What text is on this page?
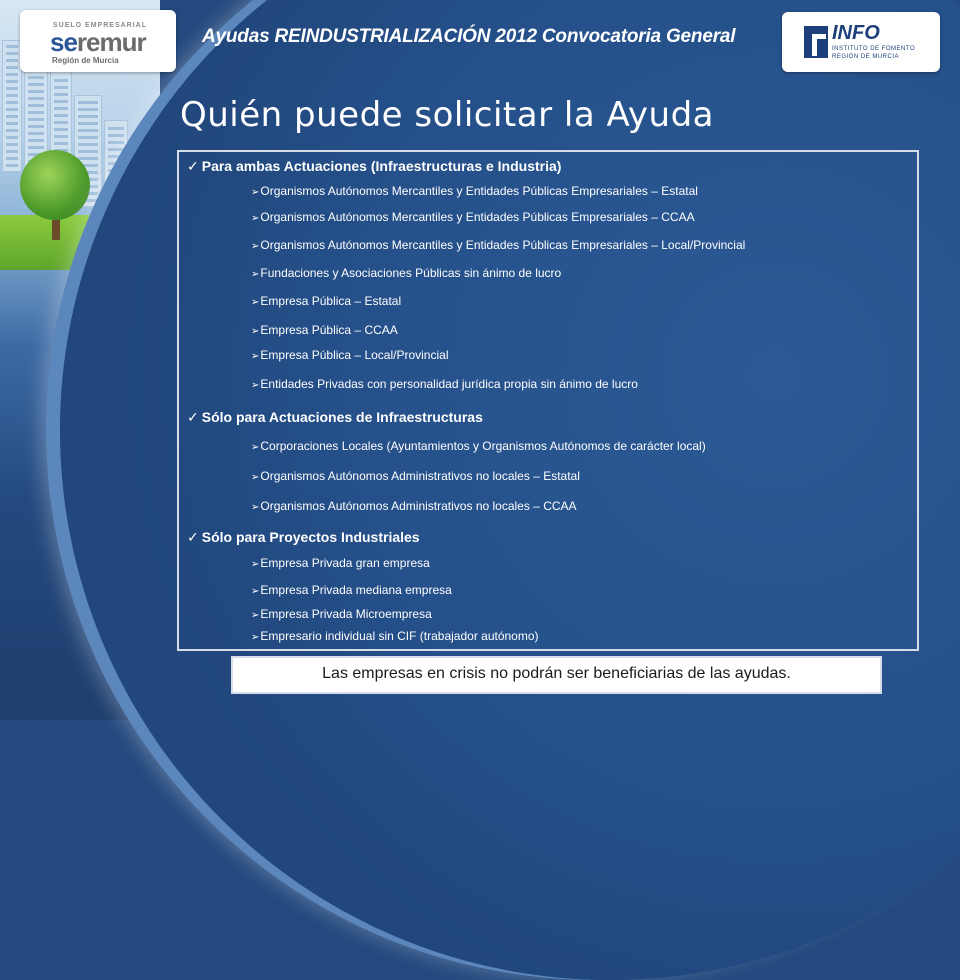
SUELO EMPRESARIAL
seremur
Región de Murcia
Ayudas REINDUSTRIALIZACIÓN 2012 Convocatoria General	INFO
INSTITUTO DE FOMENTO
REGIÓN DE MURCIA
Quién puede solicitar la Ayuda
✓ Para ambas Actuaciones (Infraestructuras e Industria)
➢Organismos Autónomos Mercantiles y Entidades Públicas Empresariales – Estatal
➢Organismos Autónomos Mercantiles y Entidades Públicas Empresariales – CCAA
➢Organismos Autónomos Mercantiles y Entidades Públicas Empresariales – Local/Provincial
➢Fundaciones y Asociaciones Públicas sin ánimo de lucro
➢Empresa Pública – Estatal
➢Empresa Pública – CCAA
➢Empresa Pública – Local/Provincial
➢Entidades Privadas con personalidad jurídica propia sin ánimo de lucro
✓ Sólo para Actuaciones de Infraestructuras
➢Corporaciones Locales (Ayuntamientos y Organismos Autónomos de carácter local)
➢Organismos Autónomos Administrativos no locales – Estatal
➢Organismos Autónomos Administrativos no locales – CCAA
✓ Sólo para Proyectos Industriales
➢Empresa Privada gran empresa
➢Empresa Privada mediana empresa
➢Empresa Privada Microempresa
➢Empresario individual sin CIF (trabajador autónomo)
Las empresas en crisis no podrán ser beneficiarias de las ayudas.
